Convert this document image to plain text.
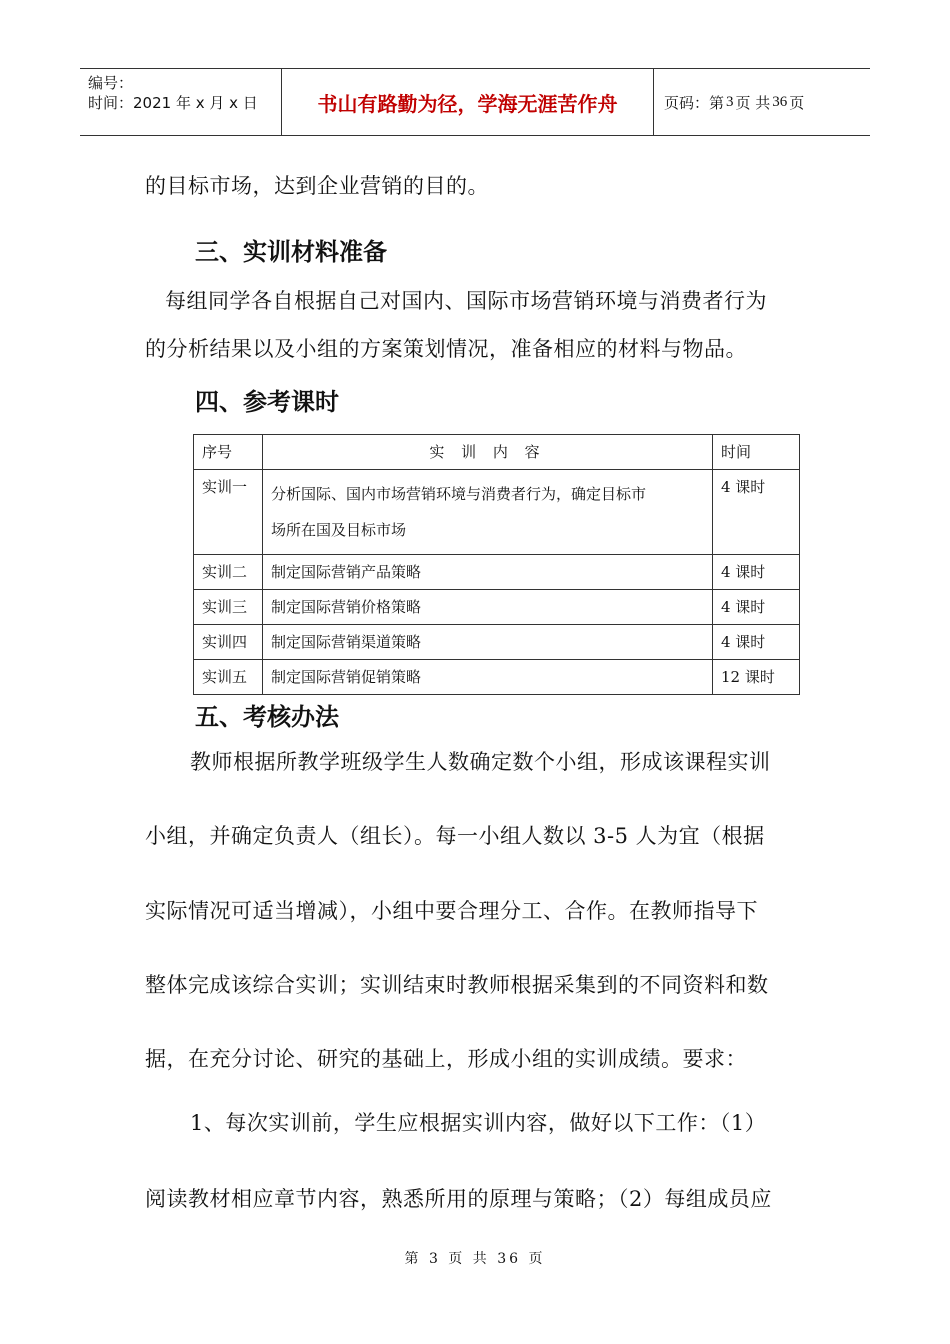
编号：
时间：2021 年 x 月 x 日	书山有路勤为径，学海无涯苦作舟	页码：第 3 页 共 36 页
的目标市场，达到企业营销的目的。
三、实训材料准备
每组同学各自根据自己对国内、国际市场营销环境与消费者行为
的分析结果以及小组的方案策划情况，准备相应的材料与物品。
四、参考课时
序号	实 训 内 容	时间
实训一	分析国际、国内市场营销环境与消费者行为，确定目标市
场所在国及目标市场	4 课时
实训二	制定国际营销产品策略	4 课时
实训三	制定国际营销价格策略	4 课时
实训四	制定国际营销渠道策略	4 课时
实训五	制定国际营销促销策略	12 课时
五、考核办法
教师根据所教学班级学生人数确定数个小组，形成该课程实训
小组，并确定负责人（组长）。每一小组人数以 3-5 人为宜（根据
实际情况可适当增减），小组中要合理分工、合作。在教师指导下
整体完成该综合实训；实训结束时教师根据采集到的不同资料和数
据，在充分讨论、研究的基础上，形成小组的实训成绩。要求：
1、每次实训前，学生应根据实训内容，做好以下工作：（1）
阅读教材相应章节内容，熟悉所用的原理与策略；（2）每组成员应
第 3 页 共 36 页
